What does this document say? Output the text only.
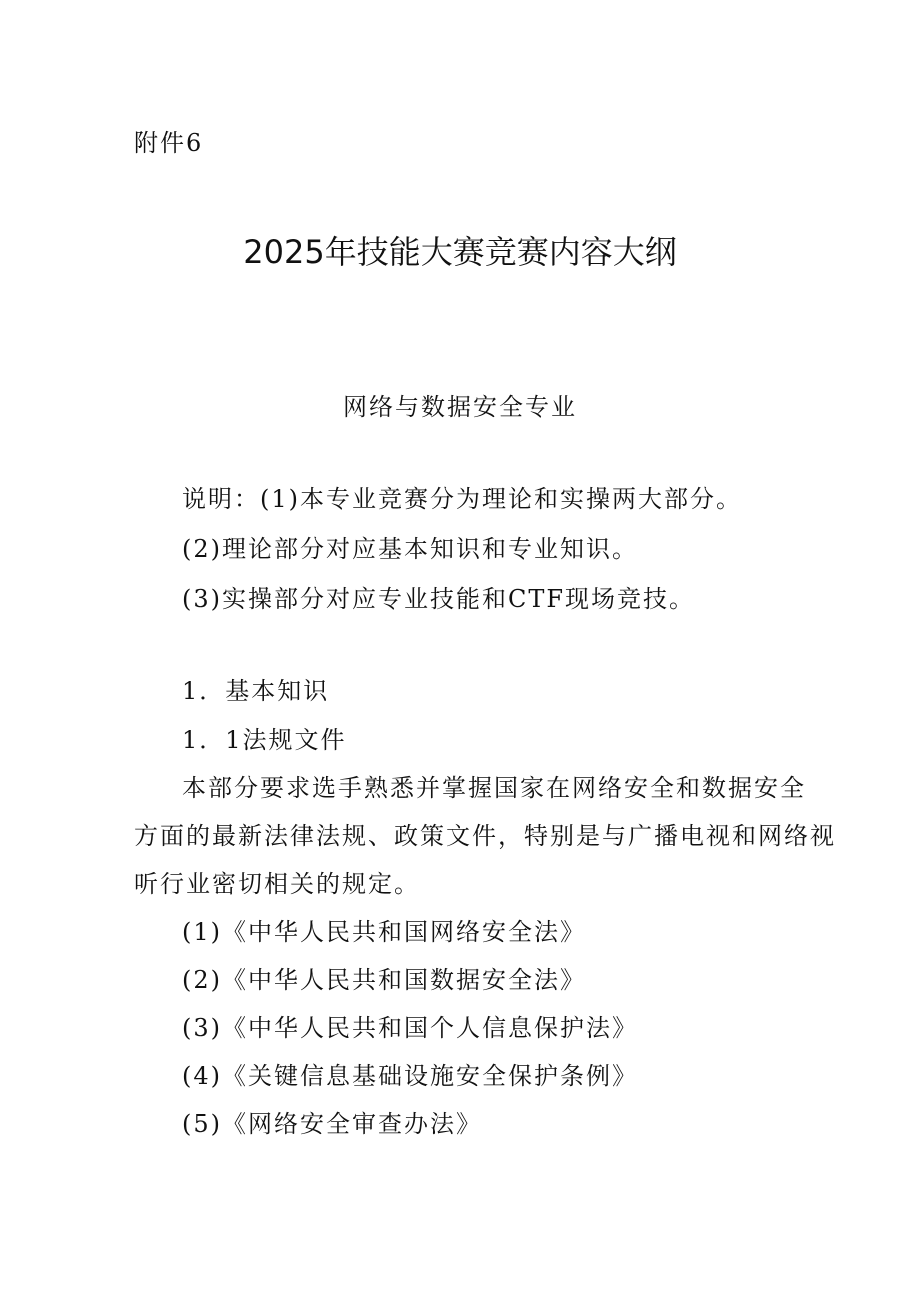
附件6
2025年技能大赛竞赛内容大纲
网络与数据安全专业
说明：(1)本专业竞赛分为理论和实操两大部分。
(2)理论部分对应基本知识和专业知识。
(3)实操部分对应专业技能和CTF现场竞技。
1．基本知识
1．1法规文件
本部分要求选手熟悉并掌握国家在网络安全和数据安全
方面的最新法律法规、政策文件，特别是与广播电视和网络视
听行业密切相关的规定。
(1)《中华人民共和国网络安全法》
(2)《中华人民共和国数据安全法》
(3)《中华人民共和国个人信息保护法》
(4)《关键信息基础设施安全保护条例》
(5)《网络安全审查办法》
